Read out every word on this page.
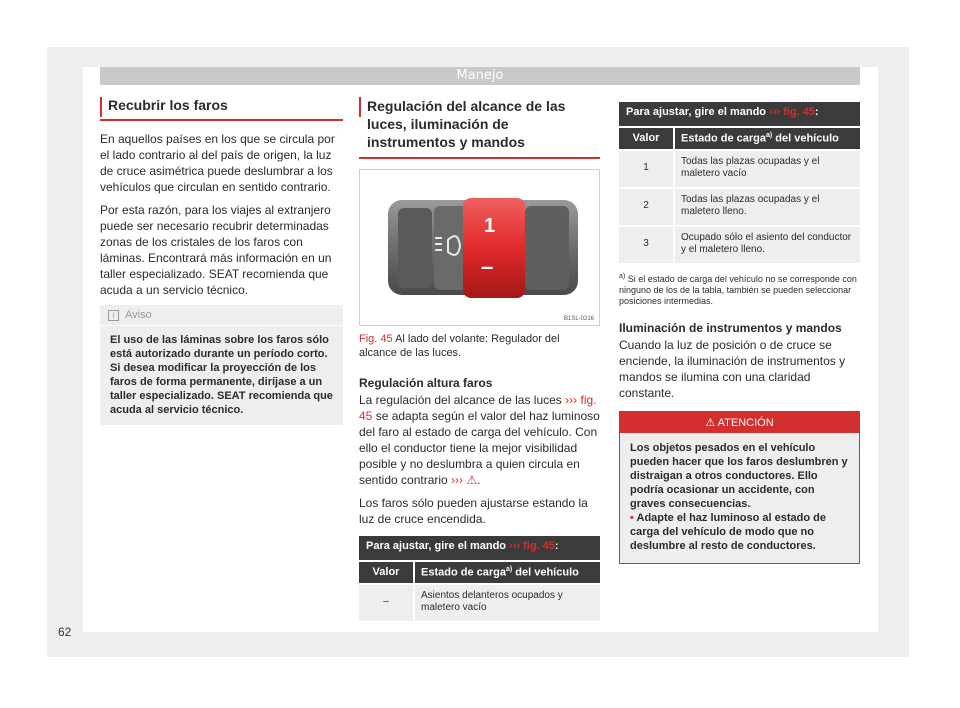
Manejo
Recubrir los faros

En aquellos países en los que se circula por el lado contrario al del país de origen, la luz de cruce asimétrica puede deslumbrar a los vehículos que circulan en sentido contrario.

Por esta razón, para los viajes al extranjero puede ser necesario recubrir determinadas zonas de los cristales de los faros con láminas. Encontrará más información en un taller especializado. SEAT recomienda que acuda a un servicio técnico.

i Aviso
El uso de las láminas sobre los faros sólo está autorizado durante un período corto. Si desea modificar la proyección de los faros de forma permanente, diríjase a un taller especializado. SEAT recomienda que acuda al servicio técnico.
Regulación del alcance de las luces, iluminación de instrumentos y mandos
1
–
B1SL-0216
Fig. 45 Al lado del volante: Regulador del alcance de las luces.
Regulación altura faros

La regulación del alcance de las luces ››› fig. 45 se adapta según el valor del haz luminoso del faro al estado de carga del vehículo. Con ello el conductor tiene la mejor visibilidad posible y no deslumbra a quien circula en sentido contrario ››› ⚠.

Los faros sólo pueden ajustarse estando la luz de cruce encendida.

Para ajustar, gire el mando ››› fig. 45:	
Valor	Estado de carga$^{a)}$ del vehículo
–	Asientos delanteros ocupados y maletero vacío
Para ajustar, gire el mando ››› fig. 45:	
Valor	Estado de carga$^{a)}$ del vehículo
1	Todas las plazas ocupadas y el maletero vacío
2	Todas las plazas ocupadas y el maletero lleno.
3	Ocupado sólo el asiento del conductor y el maletero lleno.
$^{a)}$ Si el estado de carga del vehículo no se corresponde con ninguno de los de la tabla, también se pueden seleccionar posiciones intermedias.
Iluminación de instrumentos y mandos

Cuando la luz de posición o de cruce se enciende, la iluminación de instrumentos y mandos se ilumina con una claridad constante.

⚠ ATENCIÓN
Los objetos pesados en el vehículo pueden hacer que los faros deslumbren y distraigan a otros conductores. Ello podría ocasionar un accidente, con graves consecuencias.
• Adapte el haz luminoso al estado de carga del vehículo de modo que no deslumbre al resto de conductores.
62
